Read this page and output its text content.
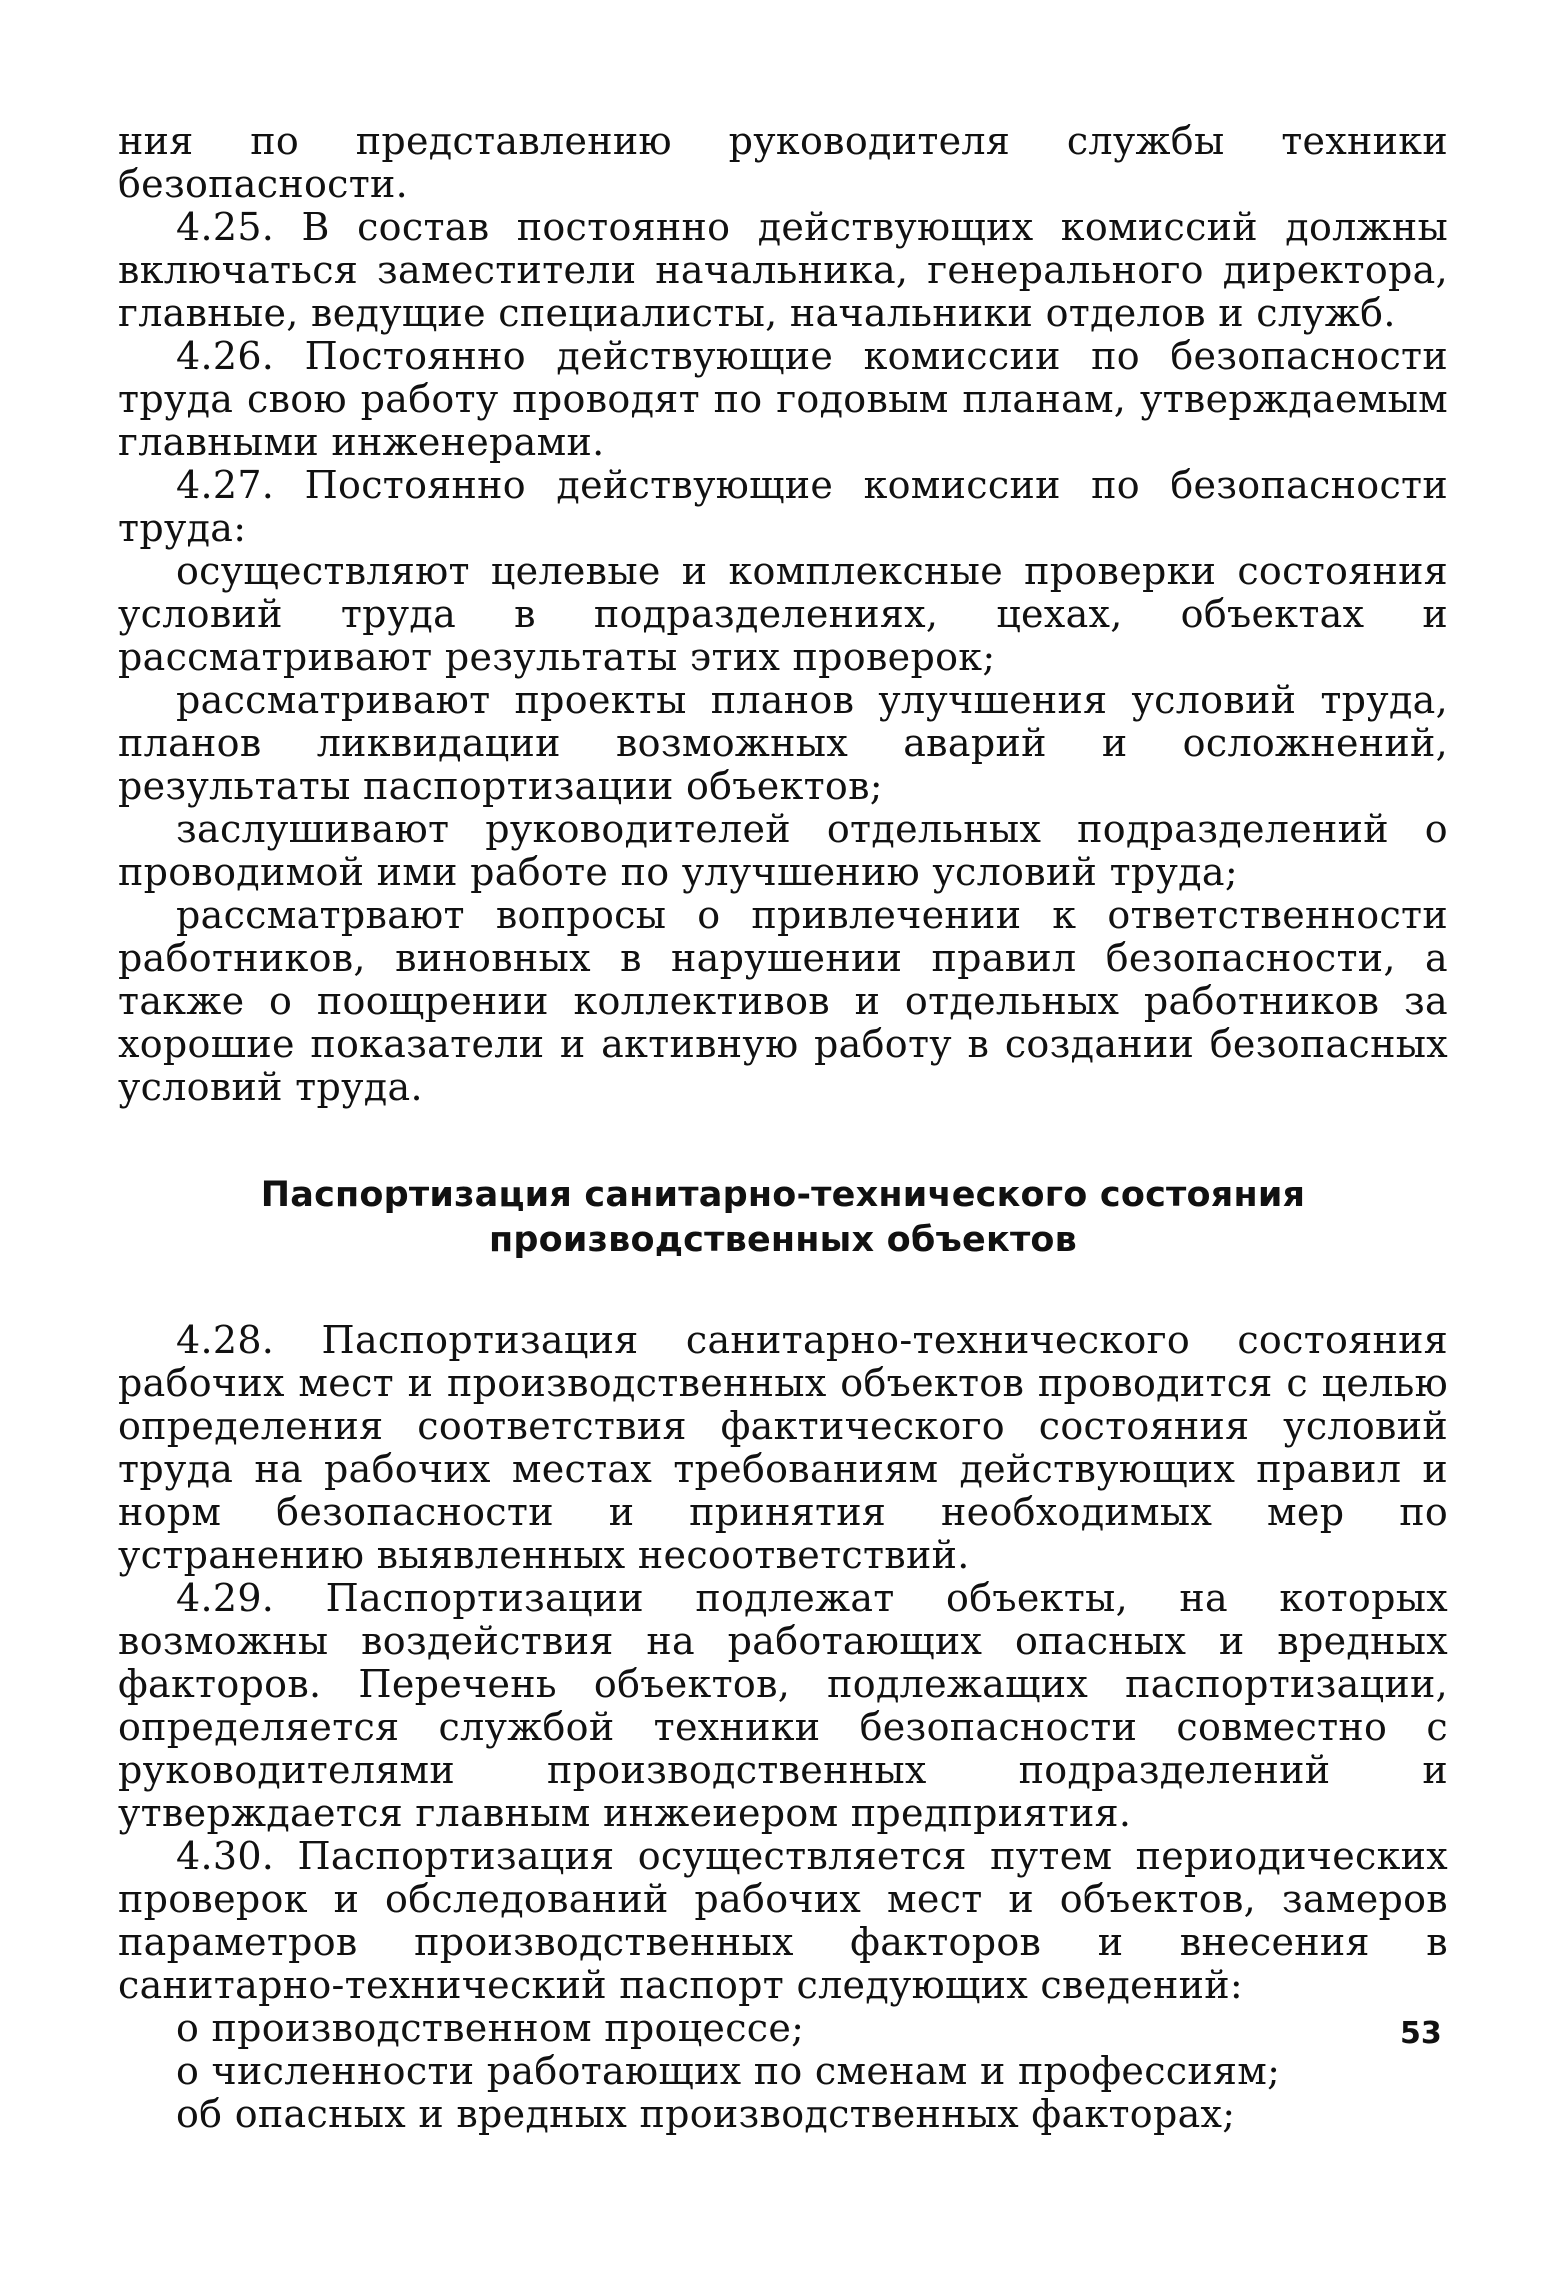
ния по представлению руководителя службы техники безопасности.

4.25. В состав постоянно действующих комиссий должны включаться заместители начальника, генерального директора, главные, ведущие специалисты, начальники отделов и служб.

4.26. Постоянно действующие комиссии по безопасности труда свою работу проводят по годовым планам, утверждаемым главными инженерами.

4.27. Постоянно действующие комиссии по безопасности труда:

осуществляют целевые и комплексные проверки состояния условий труда в подразделениях, цехах, объектах и рассматривают результаты этих проверок;

рассматривают проекты планов улучшения условий труда, планов ликвидации возможных аварий и осложнений, результаты паспортизации объектов;

заслушивают руководителей отдельных подразделений о проводимой ими работе по улучшению условий труда;

рассматрвают вопросы о привлечении к ответственности работников, виновных в нарушении правил безопасности, а также о поощрении коллективов и отдельных работников за хорошие показатели и активную работу в создании безопасных условий труда.

Паспортизация санитарно-технического состояния
производственных объектов

4.28. Паспортизация санитарно-технического состояния рабочих мест и производственных объектов проводится с целью определения соответствия фактического состояния условий труда на рабочих местах требованиям действующих правил и норм безопасности и принятия необходимых мер по устранению выявленных несоответствий.

4.29. Паспортизации подлежат объекты, на которых возможны воздействия на работающих опасных и вредных факторов. Перечень объектов, подлежащих паспортизации, определяется службой техники безопасности совместно с руководителями производственных подразделений и утверждается главным инжеиером предприятия.

4.30. Паспортизация осуществляется путем периодических проверок и обследований рабочих мест и объектов, замеров параметров производственных факторов и внесения в санитарно-технический паспорт следующих сведений:

о производственном процессе;

о численности работающих по сменам и профессиям;

об опасных и вредных производственных факторах;

53
